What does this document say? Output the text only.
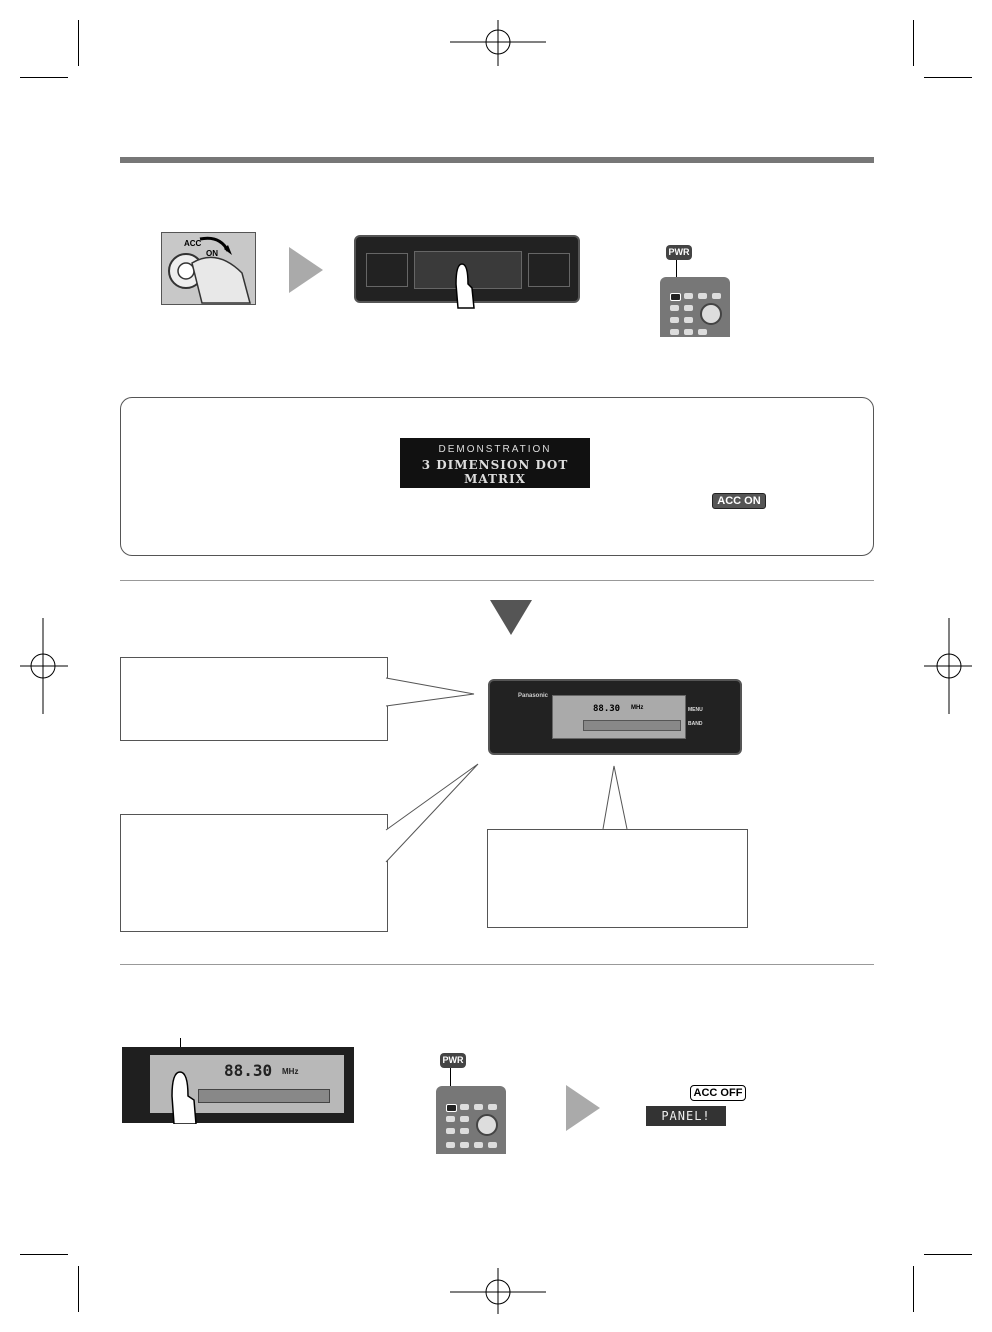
ACC
ON	PWR
DEMONSTRATION
3 DIMENSION DOT MATRIX
ACC ON
Panasonic
88.30 MHz	MENU
BAND
88.30 MHz
PWR
ACC OFF
PANEL!
